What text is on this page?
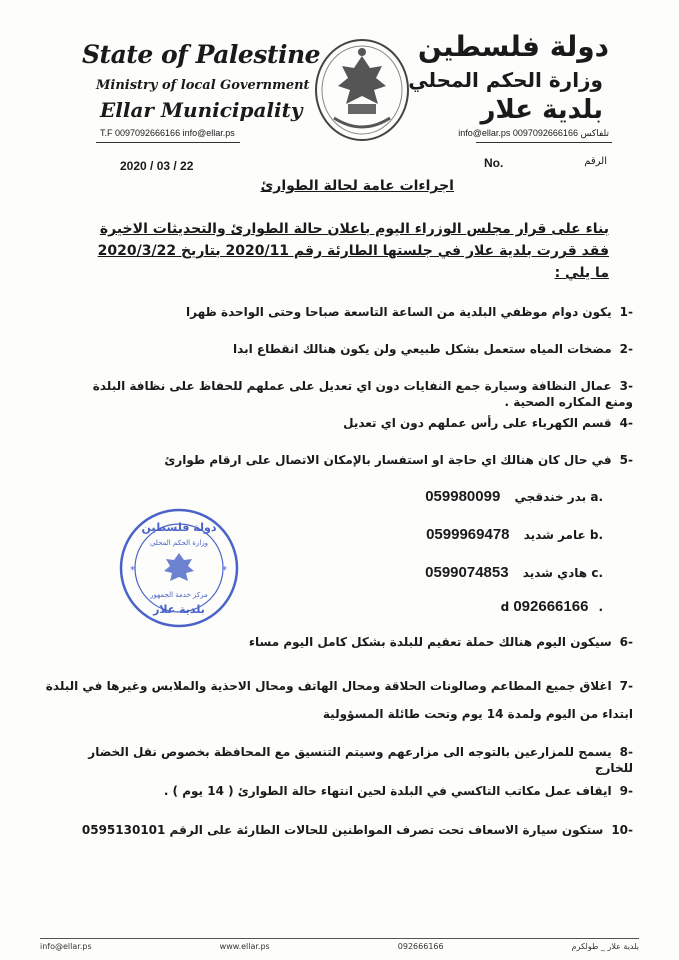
State of Palestine
Ministry of local Government
Ellar Municipality
T.F 0097092666166 info@ellar.ps
دولة فلسطين
وزارة الحكم المحلي
بلدية علار
info@ellar.ps 0097092666166 تلفاكس
2020 / 03 / 22	No.	الرقم
اجراءات عامة لحالة الطوارئ
بناء على قرار مجلس الوزراء اليوم باعلان حالة الطوارئ والتحديثات الاخيرة فقد قررت بلدية علار في جلستها الطارئة رقم 2020/11 بتاريخ 2020/3/22 ما يلي :
-1يكون دوام موظفي البلدية من الساعة التاسعة صباحا وحتى الواحدة ظهرا
-2مضخات المياه ستعمل بشكل طبيعي ولن يكون هنالك انقطاع ابدا
-3عمال النظافة وسيارة جمع النفايات دون اي تعديل على عملهم للحفاظ على نظافة البلدة ومنع المكاره الصحية .
-4قسم الكهرباء على رأس عملهم دون اي تعديل
-5في حال كان هنالك اي حاجة او استفسار بالإمكان الاتصال على ارقام طوارئ
.a بدر خندقجي 059980099
.b عامر شديد 0599969478
.c هادي شديد 0599074853
.d 092666166
دولة فلسطين
وزارة الحكم المحلي
مركز خدمة الجمهور
بلدية علار
*	*
-6سيكون اليوم هنالك حملة تعقيم للبلدة بشكل كامل اليوم مساء
-7اغلاق جميع المطاعم وصالونات الحلاقة ومحال الهاتف ومحال الاحذية والملابس وغيرها في البلدة ابتداء من اليوم ولمدة 14 يوم وتحت طائلة المسؤولية
-8يسمح للمزارعين بالتوجه الى مزارعهم وسيتم التنسيق مع المحافظة بخصوص نقل الخضار للخارج
-9ايقاف عمل مكاتب التاكسي في البلدة لحين انتهاء حالة الطوارئ ( 14 يوم ) .
-10ستكون سيارة الاسعاف تحت تصرف المواطنين للحالات الطارئة على الرقم 0595130101
بلدية علار _ طولكرم
092666166
www.ellar.ps
info@ellar.ps
